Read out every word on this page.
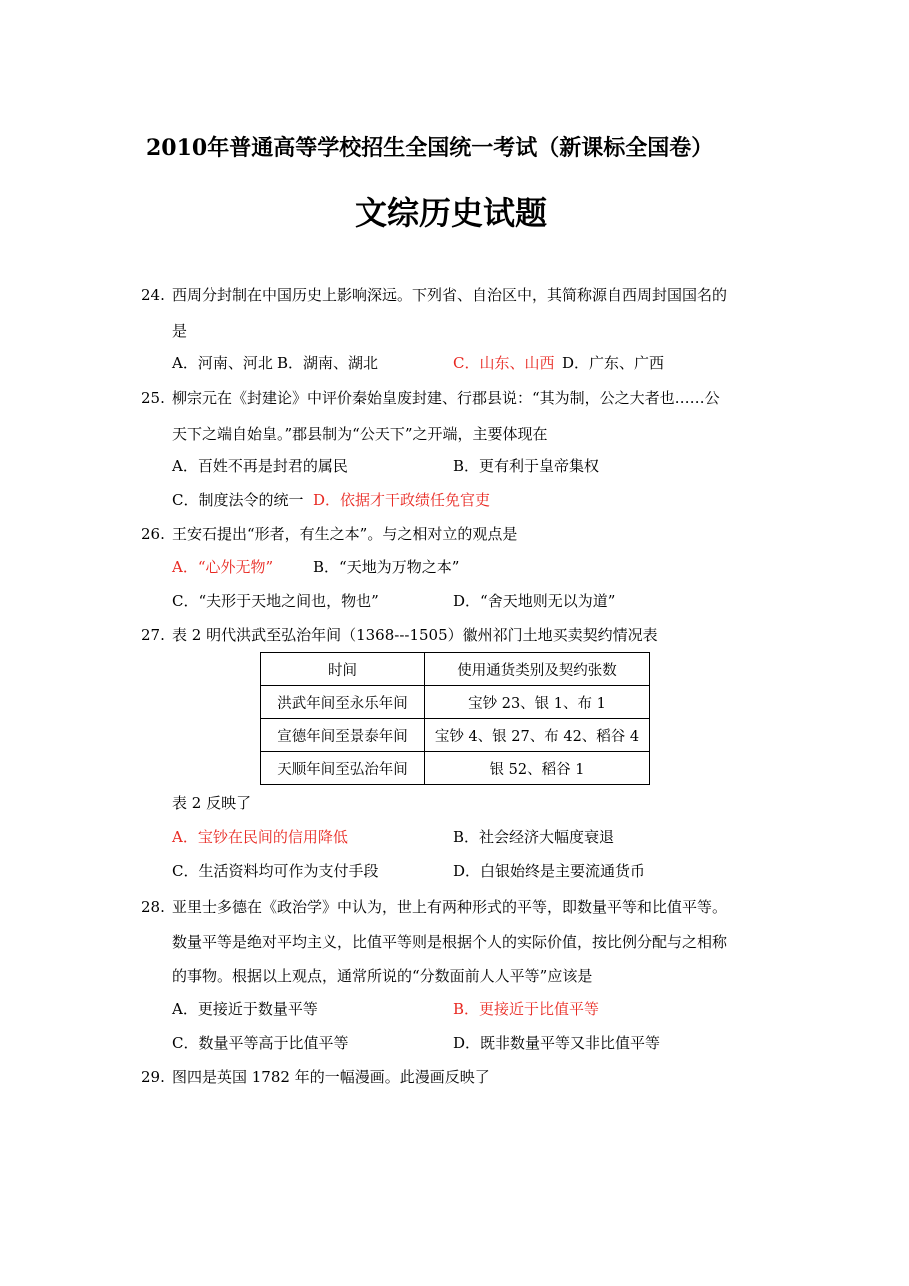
2010年普通高等学校招生全国统一考试（新课标全国卷）
文综历史试题
24. 西周分封制在中国历史上影响深远。下列省、自治区中，其简称源自西周封国国名的
是
A．河南、河北 B．湖南、湖北	C．山东、山西 D．广东、广西
25. 柳宗元在《封建论》中评价秦始皇废封建、行郡县说：“其为制，公之大者也……公
天下之端自始皇。”郡县制为“公天下”之开端，主要体现在
A．百姓不再是封君的属民	B．更有利于皇帝集权
C．制度法令的统一 D．依据才干政绩任免官吏
26. 王安石提出“形者，有生之本”。与之相对立的观点是
A．“心外无物”	B．“天地为万物之本”
C．“夫形于天地之间也，物也”	D．“舍天地则无以为道”
27. 表 2 明代洪武至弘治年间（1368---1505）徽州祁门土地买卖契约情况表
时间	使用通货类别及契约张数
洪武年间至永乐年间	宝钞 23、银 1、布 1
宣德年间至景泰年间	宝钞 4、银 27、布 42、稻谷 4
天顺年间至弘治年间	银 52、稻谷 1
表 2 反映了
A．宝钞在民间的信用降低	B．社会经济大幅度衰退
C．生活资料均可作为支付手段	D．白银始终是主要流通货币
28. 亚里士多德在《政治学》中认为，世上有两种形式的平等，即数量平等和比值平等。
数量平等是绝对平均主义，比值平等则是根据个人的实际价值，按比例分配与之相称
的事物。根据以上观点，通常所说的“分数面前人人平等”应该是
A．更接近于数量平等	B．更接近于比值平等
C．数量平等高于比值平等	D．既非数量平等又非比值平等
29. 图四是英国 1782 年的一幅漫画。此漫画反映了
